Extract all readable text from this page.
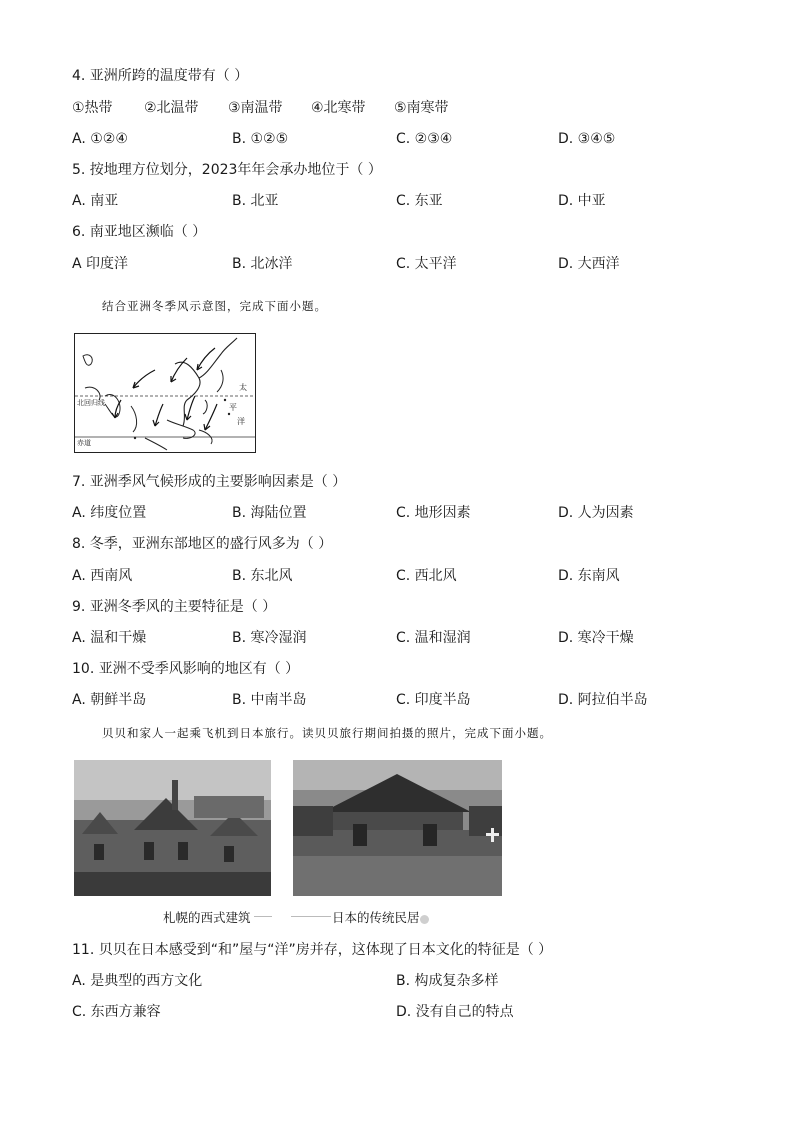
4. 亚洲所跨的温度带有（ ）
①热带 ②北温带 ③南温带 ④北寒带 ⑤南寒带
A. ①②④	B. ①②⑤	C. ②③④	D. ③④⑤
5. 按地理方位划分，2023年年会承办地位于（ ）
A. 南亚	B. 北亚	C. 东亚	D. 中亚
6. 南亚地区濒临（ ）
A 印度洋	B. 北冰洋	C. 太平洋	D. 大西洋
结合亚洲冬季风示意图，完成下面小题。
北回归线
赤道
太
平
洋
7. 亚洲季风气候形成的主要影响因素是（ ）
A. 纬度位置	B. 海陆位置	C. 地形因素	D. 人为因素
8. 冬季，亚洲东部地区的盛行风多为（ ）
A. 西南风	B. 东北风	C. 西北风	D. 东南风
9. 亚洲冬季风的主要特征是（ ）
A. 温和干燥	B. 寒冷湿润	C. 温和湿润	D. 寒冷干燥
10. 亚洲不受季风影响的地区有（ ）
A. 朝鲜半岛	B. 中南半岛	C. 印度半岛	D. 阿拉伯半岛
贝贝和家人一起乘飞机到日本旅行。读贝贝旅行期间拍摄的照片，完成下面小题。
札幌的西式建筑	日本的传统民居
11. 贝贝在日本感受到“和”屋与“洋”房并存，这体现了日本文化的特征是（ ）
A. 是典型的西方文化	B. 构成复杂多样
C. 东西方兼容	D. 没有自己的特点
